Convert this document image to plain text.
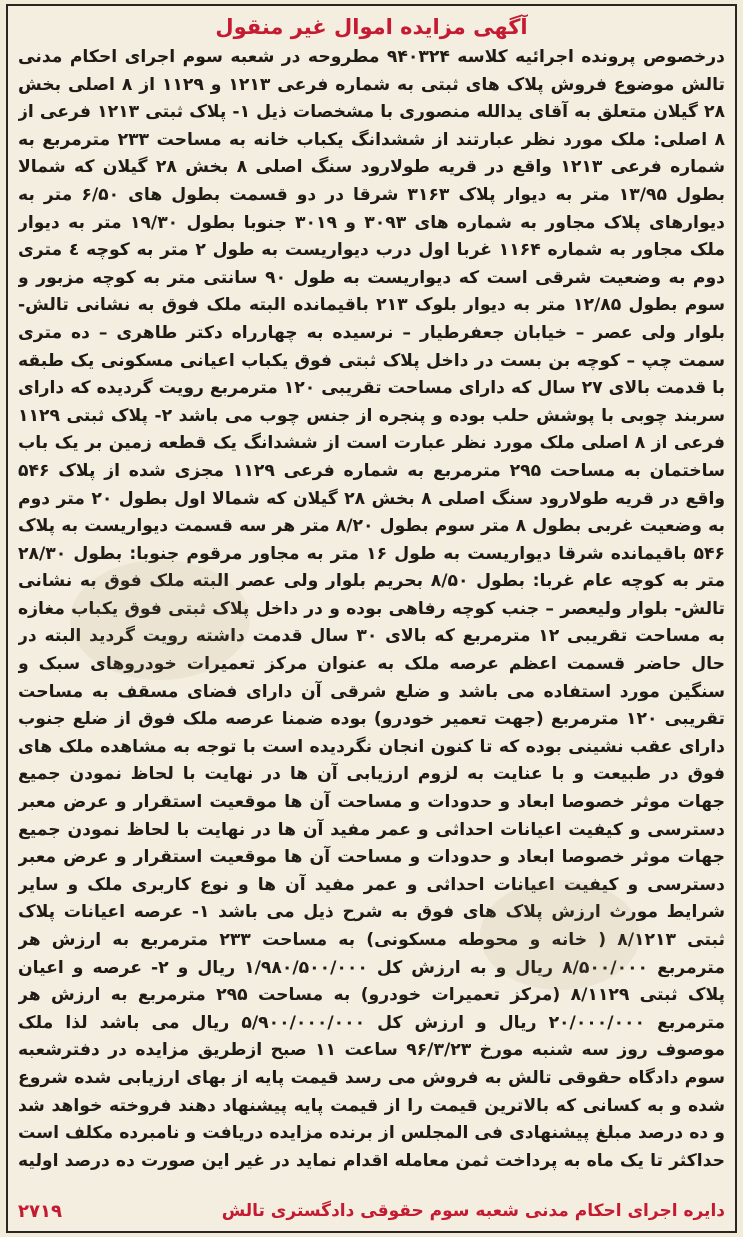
آگهی مزایده اموال غیر منقول
درخصوص پرونده اجرائیه کلاسه ۹۴۰۳۲۴ مطروحه در شعبه سوم اجرای احکام مدنی تالش موضوع فروش پلاک های ثبتی به شماره فرعی ۱۲۱۳ و ۱۱۲۹ از ۸ اصلی بخش ۲۸ گیلان متعلق به آقای یدالله منصوری با مشخصات ذیل ۱- پلاک ثبتی ۱۲۱۳ فرعی از ۸ اصلی: ملک مورد نظر عبارتند از ششدانگ یکباب خانه به مساحت ۲۳۳ مترمربع به شماره فرعی ۱۲۱۳ واقع در قریه طولارود سنگ اصلی ۸ بخش ۲۸ گیلان که شمالا بطول ۱۳/۹۵ متر به دیوار پلاک ۳۱۶۳ شرقا در دو قسمت بطول های ۶/۵۰ متر به دیوارهای پلاک مجاور به شماره های ۳۰۹۳ و ۳۰۱۹ جنوبا بطول ۱۹/۳۰ متر به دیوار ملک مجاور به شماره ۱۱۶۴ غربا اول درب دیواریست به طول ۲ متر به کوچه ٤ متری دوم به وضعیت شرقی است که دیواریست به طول ۹۰ سانتی متر به کوچه مزبور و سوم بطول ۱۲/۸۵ متر به دیوار بلوک ۲۱۳ باقیمانده البته ملک فوق به نشانی تالش- بلوار ولی عصر – خیابان جعفرطیار – نرسیده به چهارراه دکتر طاهری – ده متری سمت چپ – کوچه بن بست در داخل پلاک ثبتی فوق یکباب اعیانی مسکونی یک طبقه با قدمت بالای ۲۷ سال که دارای مساحت تقریبی ۱۲۰ مترمربع رویت گردیده که دارای سربند چوبی با پوشش حلب بوده و پنجره از جنس چوب می باشد ۲- پلاک ثبتی ۱۱۲۹ فرعی از ۸ اصلی ملک مورد نظر عبارت است از ششدانگ یک قطعه زمین بر یک باب ساختمان به مساحت ۲۹۵ مترمربع به شماره فرعی ۱۱۲۹ مجزی شده از پلاک ۵۴۶ واقع در قریه طولارود سنگ اصلی ۸ بخش ۲۸ گیلان که شمالا اول بطول ۲۰ متر دوم به وضعیت غربی بطول ۸ متر سوم بطول ۸/۲۰ متر هر سه قسمت دیواریست به پلاک ۵۴۶ باقیمانده شرقا دیواریست به طول ۱۶ متر به مجاور مرقوم جنوبا: بطول ۲۸/۳۰ متر به کوچه عام غربا: بطول ۸/۵۰ بحریم بلوار ولی عصر البته ملک فوق به نشانی تالش- بلوار ولیعصر – جنب کوچه رفاهی بوده و در داخل پلاک ثبتی فوق یکباب مغازه به مساحت تقریبی ۱۲ مترمربع که بالای ۳۰ سال قدمت داشته رویت گردید البته در حال حاضر قسمت اعظم عرصه ملک به عنوان مرکز تعمیرات خودروهای سبک و سنگین مورد استفاده می باشد و ضلع شرقی آن دارای فضای مسقف به مساحت تقریبی ۱۲۰ مترمربع (جهت تعمیر خودرو) بوده ضمنا عرصه ملک فوق از ضلع جنوب دارای عقب نشینی بوده که تا کنون انجان نگردیده است با توجه به مشاهده ملک های فوق در طبیعت و با عنایت به لزوم ارزیابی آن ها در نهایت با لحاظ نمودن جمیع جهات موثر خصوصا ابعاد و حدودات و مساحت آن ها موقعیت استقرار و عرض معبر دسترسی و کیفیت اعیانات احداثی و عمر مفید آن ها در نهایت با لحاظ نمودن جمیع جهات موثر خصوصا ابعاد و حدودات و مساحت آن ها موقعیت استقرار و عرض معبر دسترسی و کیفیت اعیانات احداثی و عمر مفید آن ها و نوع کاربری ملک و سایر شرایط مورث ارزش پلاک های فوق به شرح ذیل می باشد ۱- عرصه اعیانات پلاک ثبتی ۸/۱۲۱۳ ( خانه و محوطه مسکونی) به مساحت ۲۳۳ مترمربع به ارزش هر مترمربع ۸/۵۰۰/۰۰۰ ریال و به ارزش کل ۱/۹۸۰/۵۰۰/۰۰۰ ریال و ۲- عرصه و اعیان پلاک ثبتی ۸/۱۱۲۹ (مرکز تعمیرات خودرو) به مساحت ۲۹۵ مترمربع به ارزش هر مترمربع ۲۰/۰۰۰/۰۰۰ ریال و ارزش کل ۵/۹۰۰/۰۰۰/۰۰۰ ریال می باشد لذا ملک موصوف روز سه شنبه مورخ ۹۶/۳/۲۳ ساعت ۱۱ صبح ازطریق مزایده در دفترشعبه سوم دادگاه حقوقی تالش به فروش می رسد قیمت پایه از بهای ارزیابی شده شروع شده و به کسانی که بالاترین قیمت را از قیمت پایه پیشنهاد دهند فروخته خواهد شد و ده درصد مبلغ پیشنهادی فی المجلس از برنده مزایده دریافت و نامبرده مکلف است حداکثر تا یک ماه به پرداخت ثمن معامله اقدام نماید در غیر این صورت ده درصد اولیه
دایره اجرای احکام مدنی شعبه سوم حقوقی دادگستری تالش
۲۷۱۹
